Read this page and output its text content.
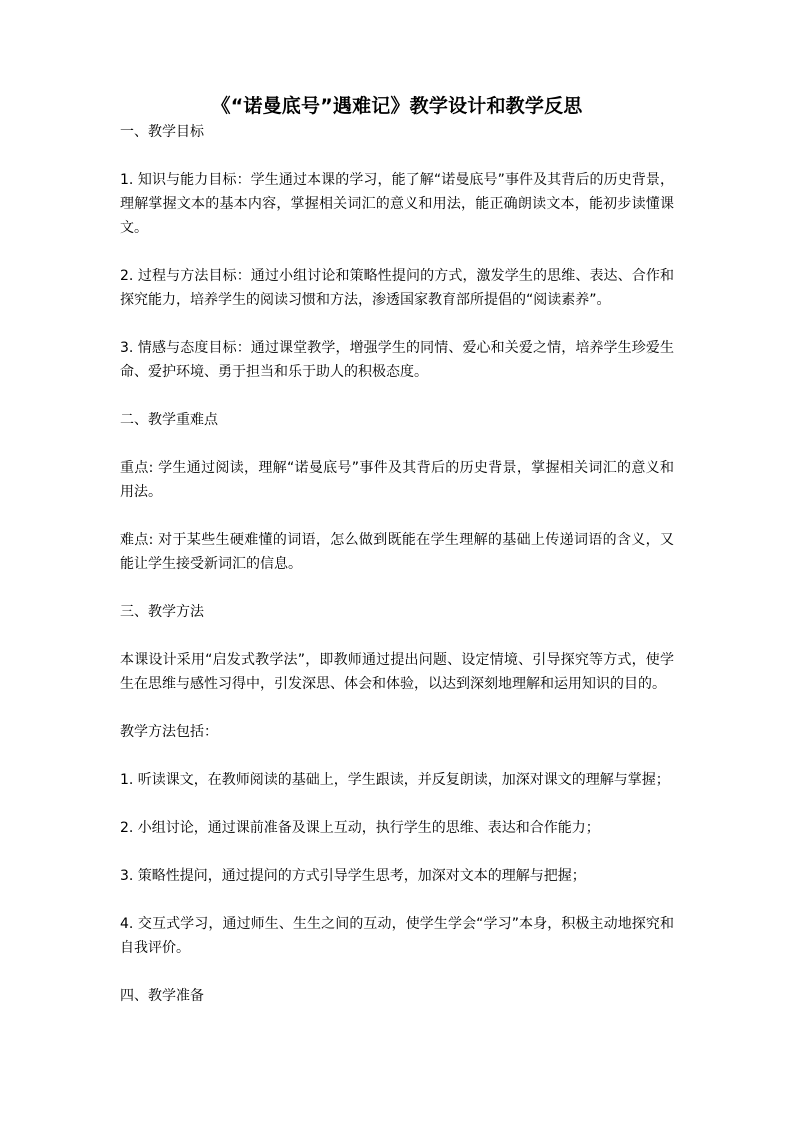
《“诺曼底号”遇难记》教学设计和教学反思

一、教学目标

1. 知识与能力目标：学生通过本课的学习，能了解“诺曼底号”事件及其背后的历史背景，理解掌握文本的基本内容，掌握相关词汇的意义和用法，能正确朗读文本，能初步读懂课文。

2. 过程与方法目标：通过小组讨论和策略性提问的方式，激发学生的思维、表达、合作和探究能力，培养学生的阅读习惯和方法，渗透国家教育部所提倡的“阅读素养”。

3. 情感与态度目标：通过课堂教学，增强学生的同情、爱心和关爱之情，培养学生珍爱生命、爱护环境、勇于担当和乐于助人的积极态度。

二、教学重难点

重点: 学生通过阅读，理解“诺曼底号”事件及其背后的历史背景，掌握相关词汇的意义和用法。

难点: 对于某些生硬难懂的词语，怎么做到既能在学生理解的基础上传递词语的含义，又能让学生接受新词汇的信息。

三、教学方法

本课设计采用“启发式教学法”，即教师通过提出问题、设定情境、引导探究等方式，使学生在思维与感性习得中，引发深思、体会和体验，以达到深刻地理解和运用知识的目的。

教学方法包括：

1. 听读课文，在教师阅读的基础上，学生跟读，并反复朗读，加深对课文的理解与掌握；

2. 小组讨论，通过课前准备及课上互动，执行学生的思维、表达和合作能力；

3. 策略性提问，通过提问的方式引导学生思考，加深对文本的理解与把握；

4. 交互式学习，通过师生、生生之间的互动，使学生学会“学习”本身，积极主动地探究和自我评价。

四、教学准备
